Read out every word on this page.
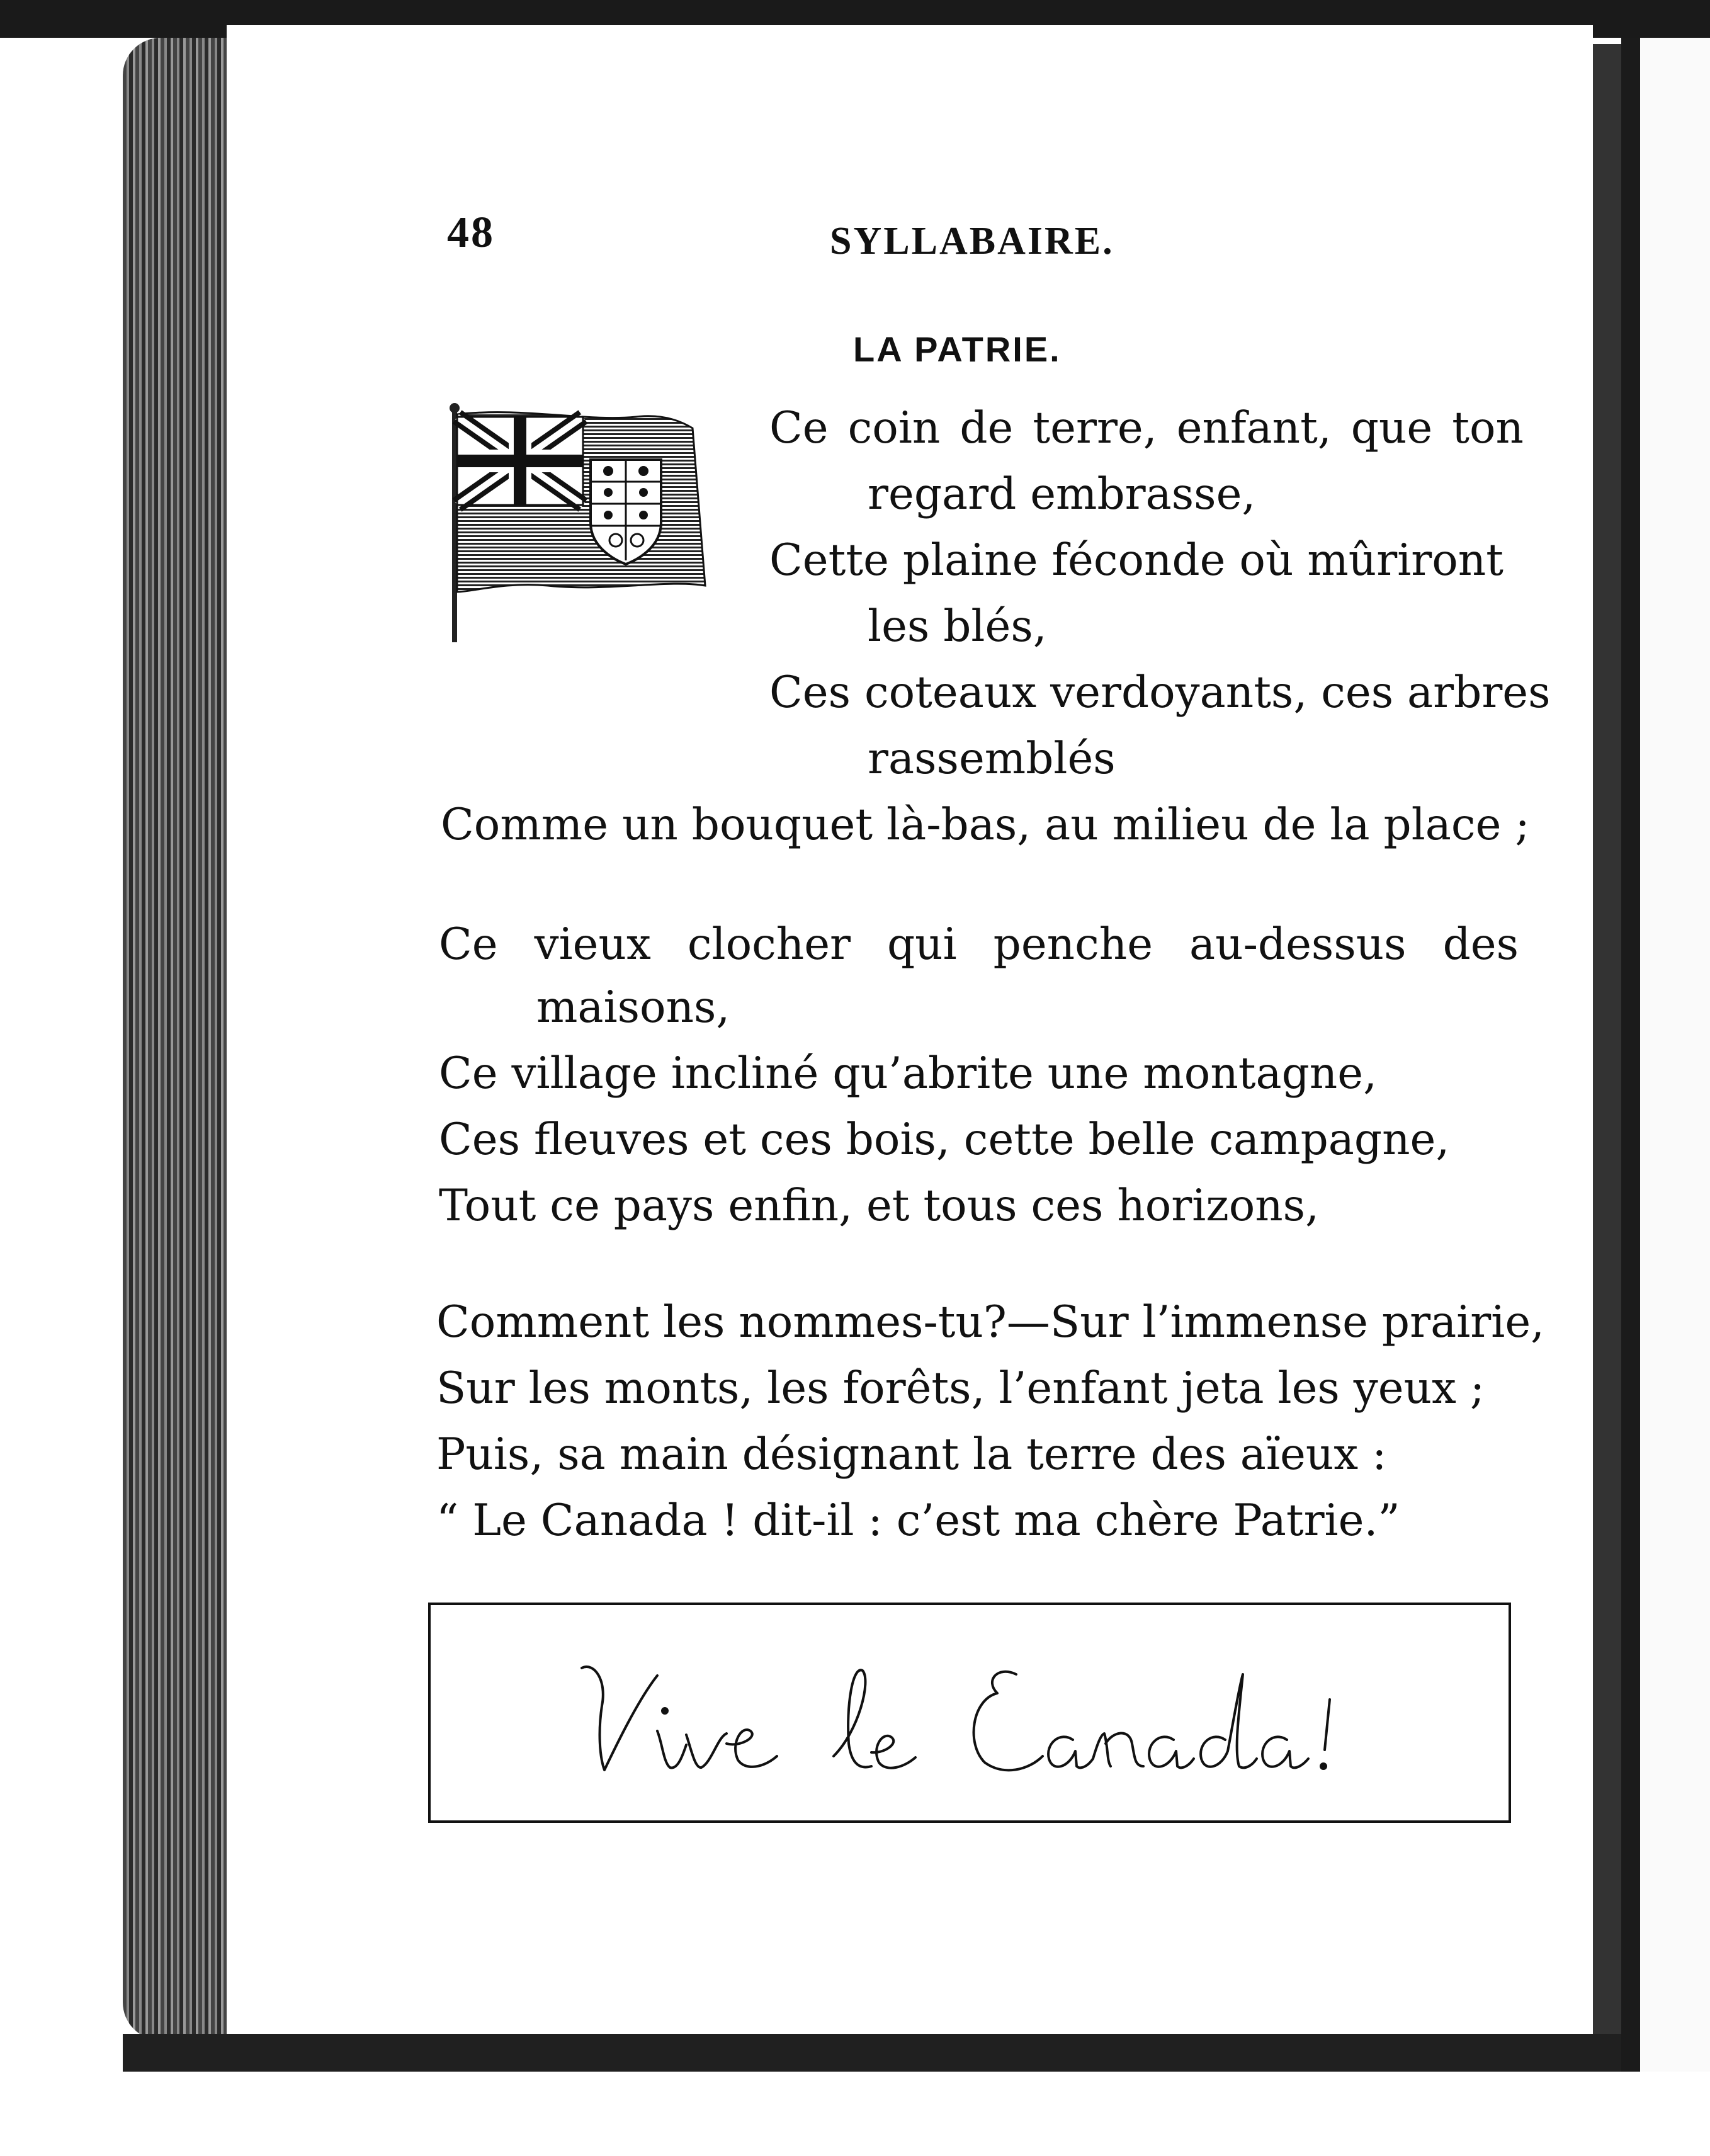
48	SYLLABAIRE.
LA PATRIE.
Ce coin de terre, enfant, que ton
regard embrasse,
Cette plaine féconde où mûriront
les blés,
Ces coteaux verdoyants, ces arbres
rassemblés
Comme un bouquet là-bas, au milieu de la place ;
Ce vieux clocher qui penche au-dessus des
maisons,
Ce village incliné qu’abrite une montagne,
Ces fleuves et ces bois, cette belle campagne,
Tout ce pays enfin, et tous ces horizons,
Comment les nommes-tu?—Sur l’immense prairie,
Sur les monts, les forêts, l’enfant jeta les yeux ;
Puis, sa main désignant la terre des aïeux :
“ Le Canada ! dit-il : c’est ma chère Patrie.”
